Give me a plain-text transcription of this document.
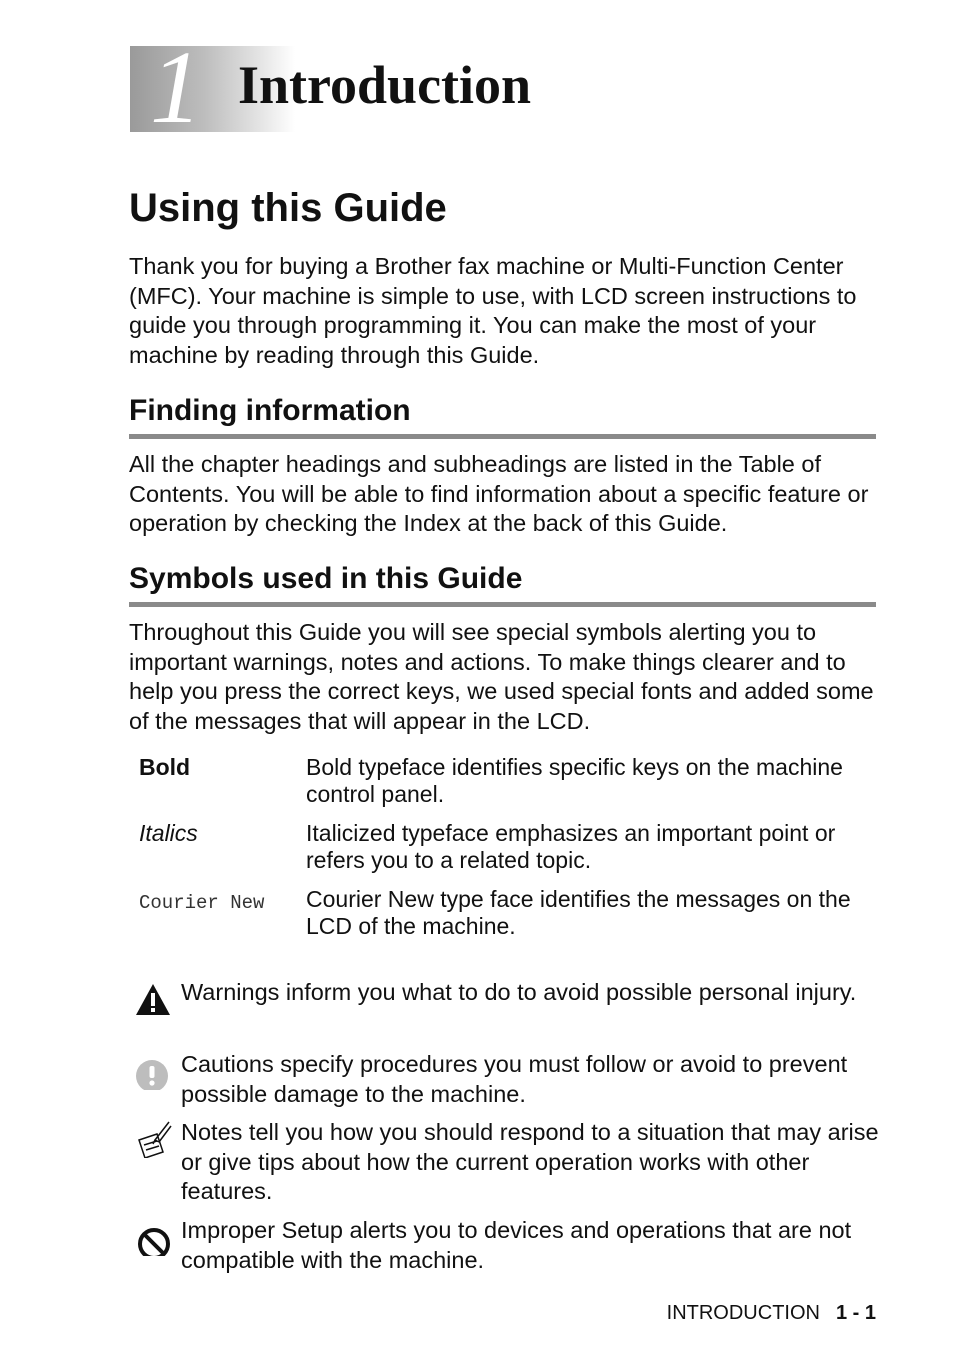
1 Introduction
Using this Guide

Thank you for buying a Brother fax machine or Multi-Function Center (MFC). Your machine is simple to use, with LCD screen instructions to guide you through programming it. You can make the most of your machine by reading through this Guide.

Finding information

All the chapter headings and subheadings are listed in the Table of Contents. You will be able to find information about a specific feature or operation by checking the Index at the back of this Guide.

Symbols used in this Guide

Throughout this Guide you will see special symbols alerting you to important warnings, notes and actions. To make things clearer and to help you press the correct keys, we used special fonts and added some of the messages that will appear in the LCD.

Bold	Bold typeface identifies specific keys on the machine control panel.
Italics	Italicized typeface emphasizes an important point or refers you to a related topic.
Courier New Courier New type face identifies the messages on the LCD of the machine.
Warnings inform you what to do to avoid possible personal injury.
Cautions specify procedures you must follow or avoid to prevent possible damage to the machine.
Notes tell you how you should respond to a situation that may arise or give tips about how the current operation works with other features.
Improper Setup alerts you to devices and operations that are not compatible with the machine.
INTRODUCTION 1 - 1
